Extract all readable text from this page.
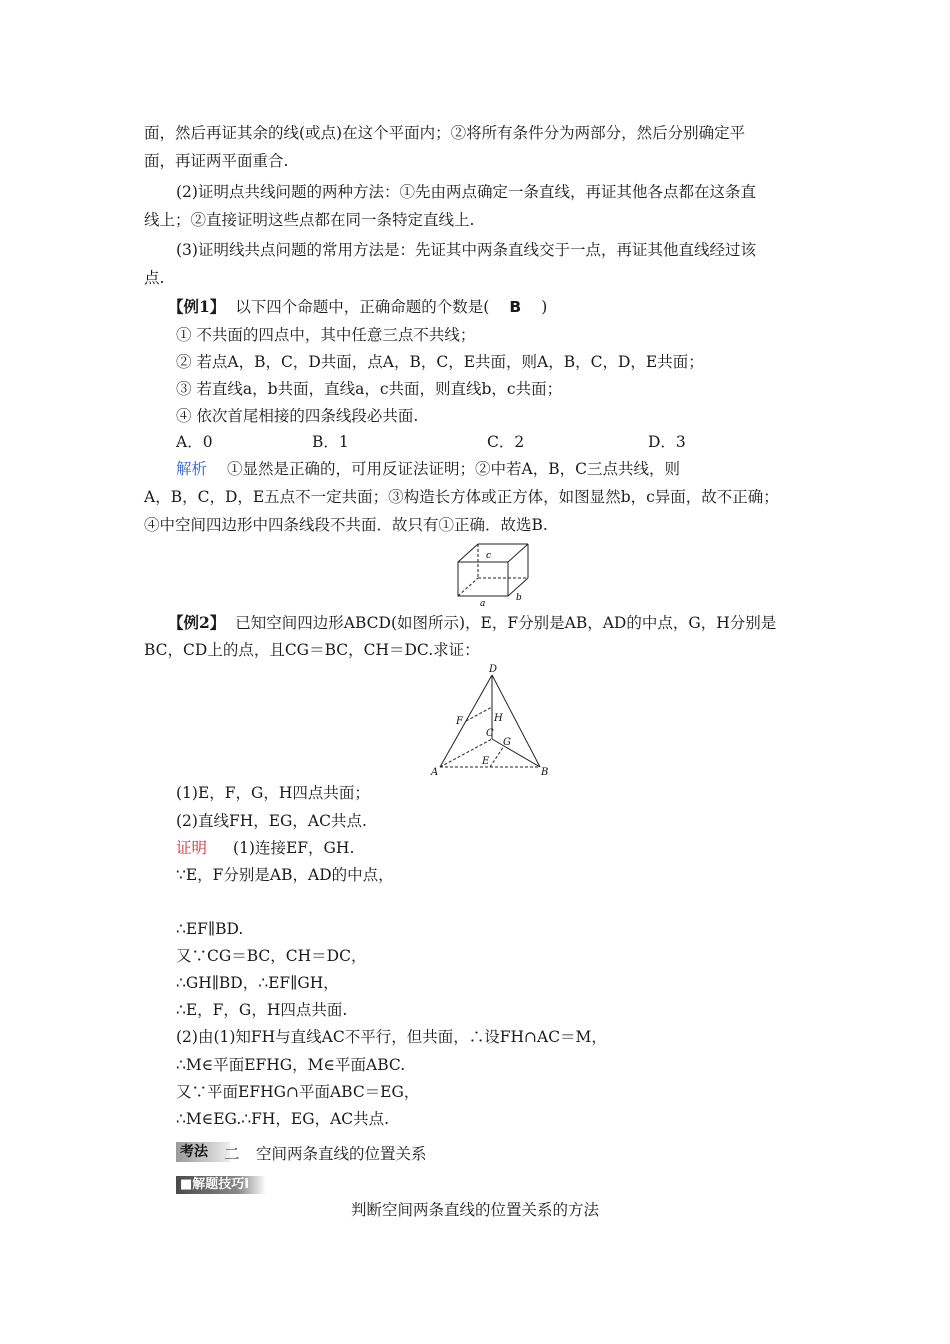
面，然后再证其余的线(或点)在这个平面内；②将所有条件分为两部分，然后分别确定平
面，再证两平面重合.
(2)证明点共线问题的两种方法：①先由两点确定一条直线，再证其他各点都在这条直
线上；②直接证明这些点都在同一条特定直线上.
(3)证明线共点问题的常用方法是：先证其中两条直线交于一点，再证其他直线经过该
点.
【例1】 以下四个命题中，正确命题的个数是( B )
① 不共面的四点中，其中任意三点不共线；
② 若点A，B，C，D共面，点A，B，C，E共面，则A，B，C，D，E共面；
③ 若直线a，b共面，直线a，c共面，则直线b，c共面；
④ 依次首尾相接的四条线段必共面.
A．0	B．1	C．2	D．3
解析 ①显然是正确的，可用反证法证明；②中若A，B，C三点共线，则
A，B，C，D，E五点不一定共面；③构造长方体或正方体，如图显然b，c异面，故不正确；
④中空间四边形中四条线段不共面．故只有①正确．故选B.
c
a
b
【例2】 已知空间四边形ABCD(如图所示)，E，F分别是AB，AD的中点，G，H分别是
BC，CD上的点，且CG＝BC，CH＝DC.求证：
D
F	H
C
G
E
A	B
(1)E，F，G，H四点共面；
(2)直线FH，EG，AC共点.
证明 (1)连接EF，GH.
∵E，F分别是AB，AD的中点，
∴EF∥BD.
又∵CG＝BC，CH＝DC，
∴GH∥BD，∴EF∥GH，
∴E，F，G，H四点共面.
(2)由(1)知FH与直线AC不平行，但共面，∴设FH∩AC＝M，
∴M∈平面EFHG，M∈平面ABC.
又∵平面EFHG∩平面ABC＝EG，
∴M∈EG.∴FH，EG，AC共点.
考法	二 空间两条直线的位置关系
■解题技巧Ⅰ
判断空间两条直线的位置关系的方法
